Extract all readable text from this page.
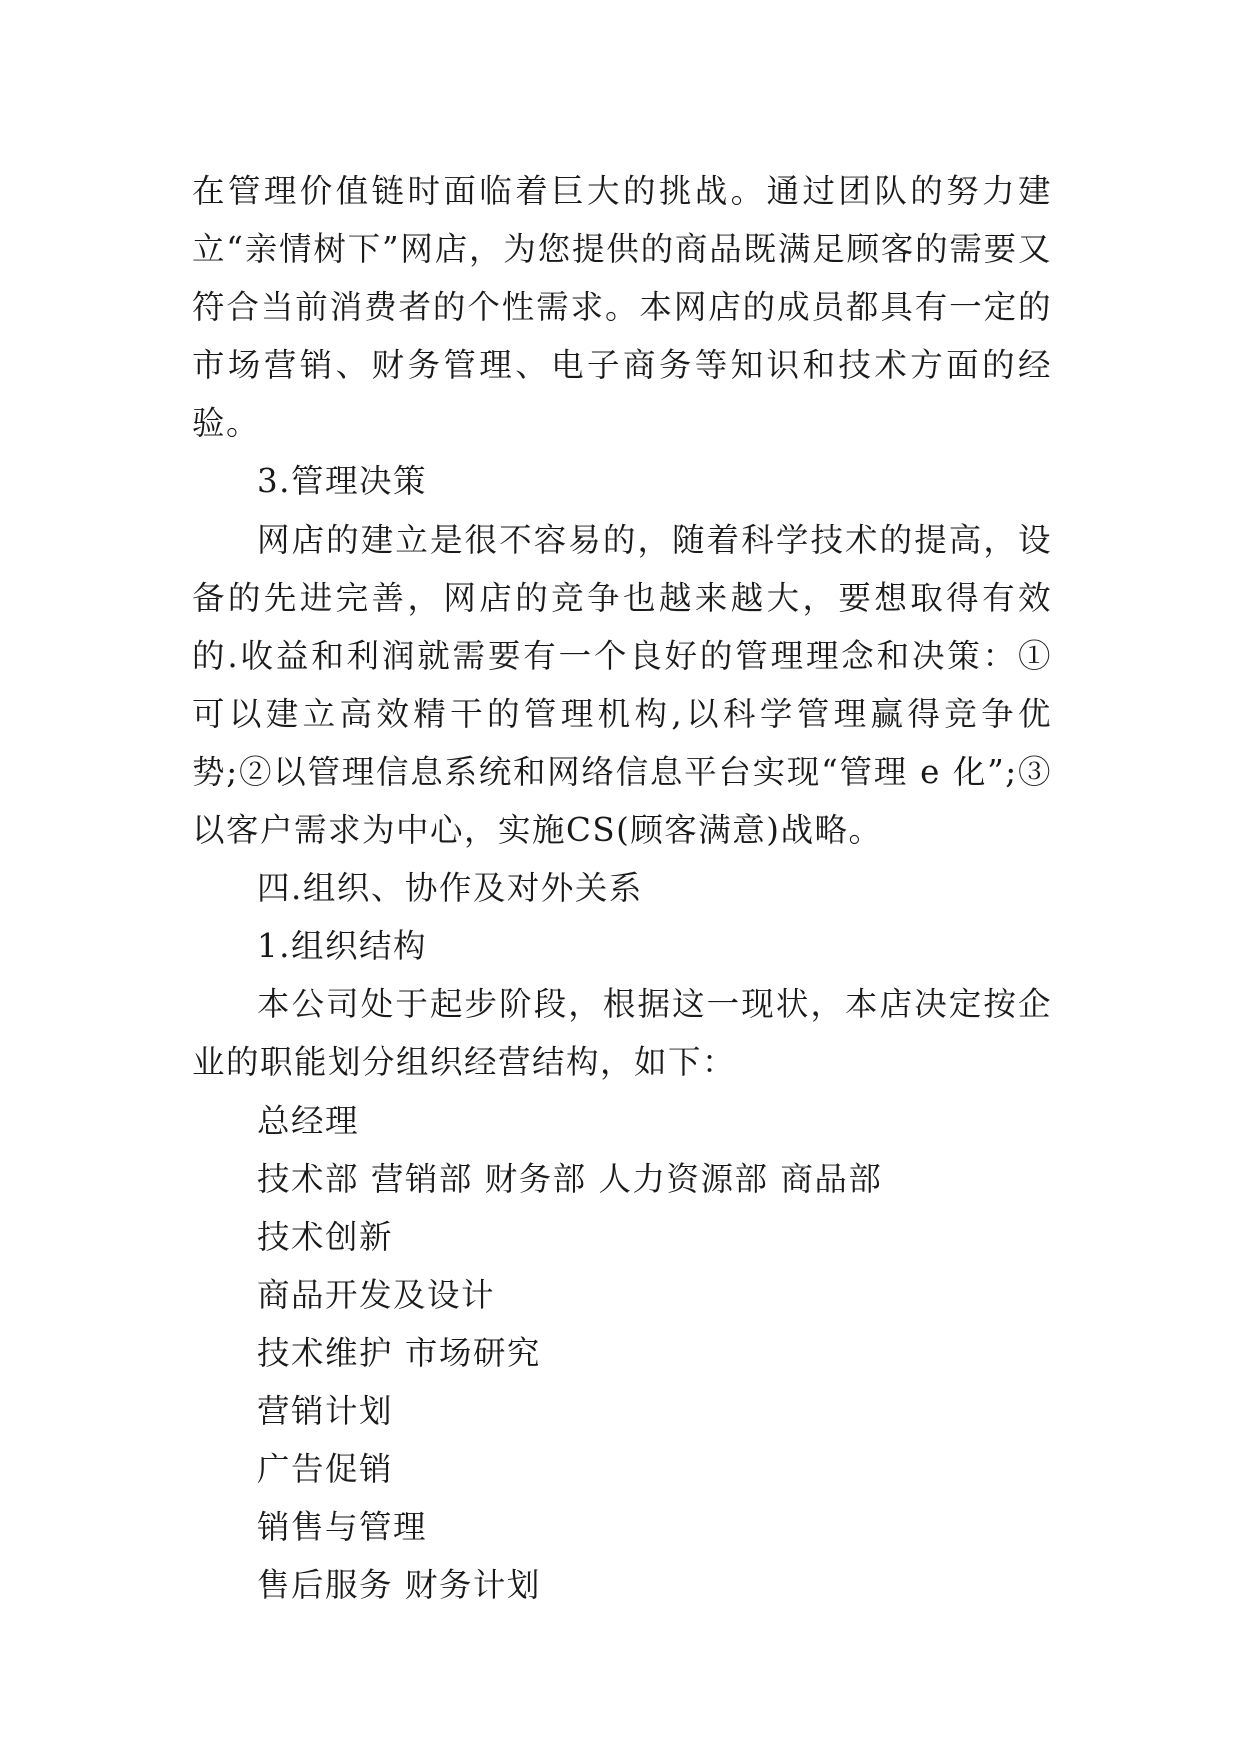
在管理价值链时面临着巨大的挑战。通过团队的努力建立“亲情树下”网店，为您提供的商品既满足顾客的需要又符合当前消费者的个性需求。本网店的成员都具有一定的市场营销、财务管理、电子商务等知识和技术方面的经验。

3.管理决策

网店的建立是很不容易的，随着科学技术的提高，设备的先进完善，网店的竞争也越来越大，要想取得有效的.收益和利润就需要有一个良好的管理理念和决策：①可以建立高效精干的管理机构,以科学管理赢得竞争优势;②以管理信息系统和网络信息平台实现“管理 e 化”;③以客户需求为中心，实施CS(顾客满意)战略。

四.组织、协作及对外关系

1.组织结构

本公司处于起步阶段，根据这一现状，本店决定按企业的职能划分组织经营结构，如下：

总经理

技术部 营销部 财务部 人力资源部 商品部

技术创新

商品开发及设计

技术维护 市场研究

营销计划

广告促销

销售与管理

售后服务 财务计划
